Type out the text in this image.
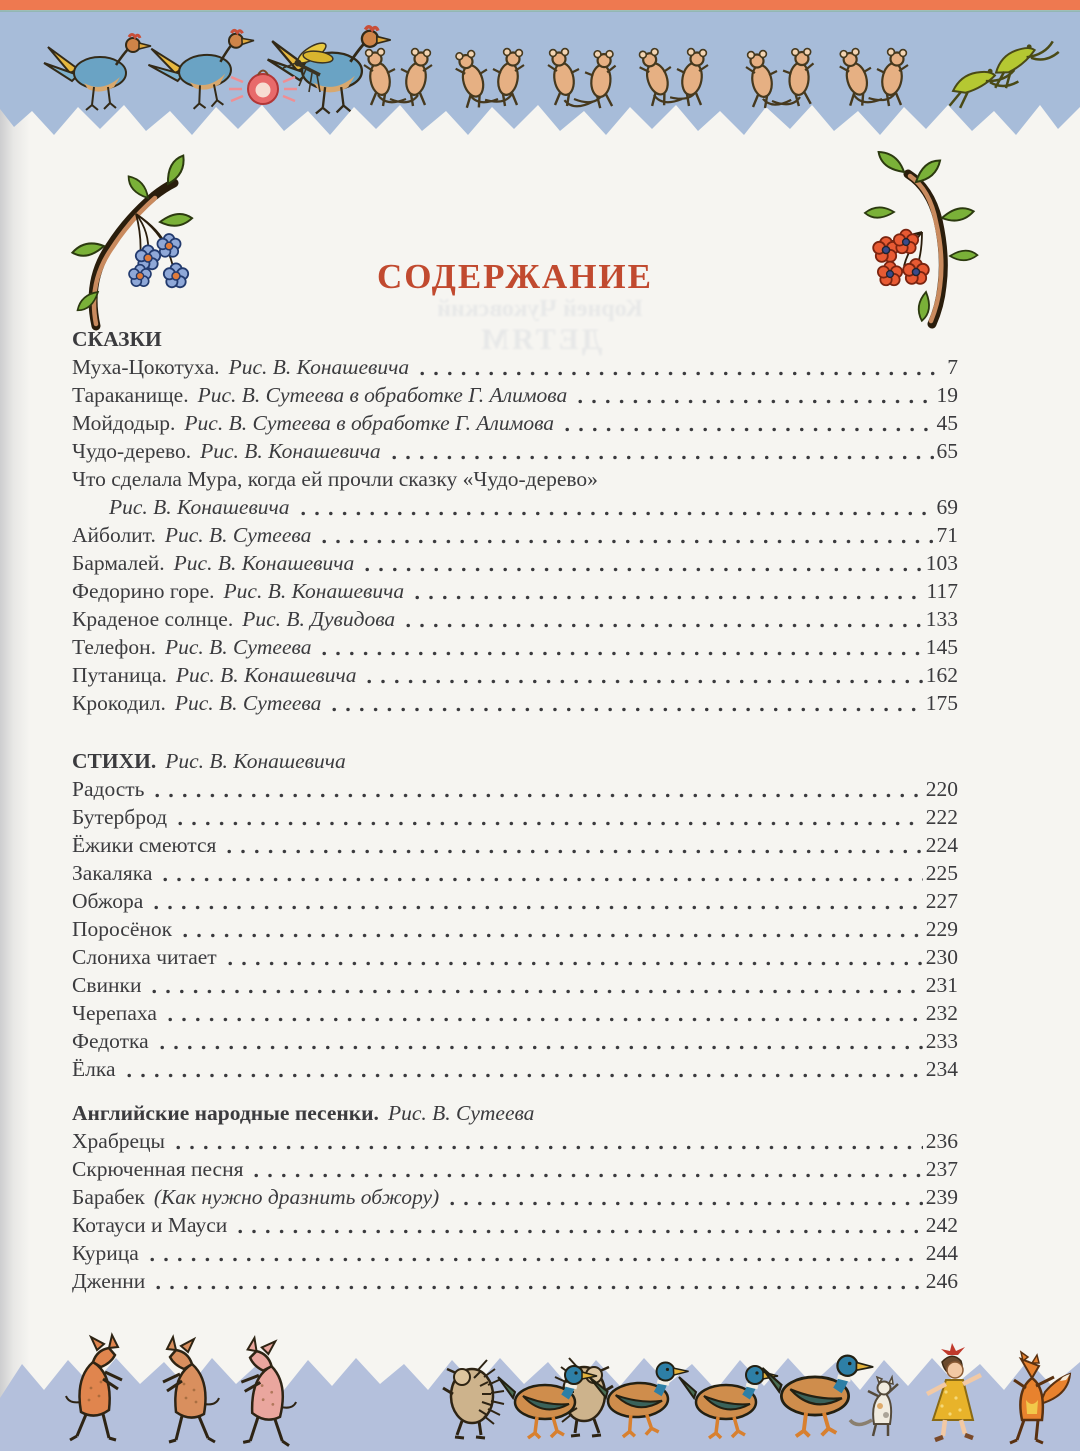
Корней Чуковский
ДЕТЯМ
СОДЕРЖАНИЕ
СКАЗКИ
Муха-Цокотуха. Рис. В. Конашевича	7
Тараканище. Рис. В. Сутеева в обработке Г. Алимова	19
Мойдодыр. Рис. В. Сутеева в обработке Г. Алимова	45
Чудо-дерево. Рис. В. Конашевича	65
Что сделала Мура, когда ей прочли сказку «Чудо-дерево»
Рис. В. Конашевича	69
Айболит. Рис. В. Сутеева	71
Бармалей. Рис. В. Конашевича	103
Федорино горе. Рис. В. Конашевича	117
Краденое солнце. Рис. В. Дувидова	133
Телефон. Рис. В. Сутеева	145
Путаница. Рис. В. Конашевича	162
Крокодил. Рис. В. Сутеева	175
СТИХИ. Рис. В. Конашевича
Радость	220
Бутерброд	222
Ёжики смеются	224
Закаляка	225
Обжора	227
Поросёнок	229
Слониха читает	230
Свинки	231
Черепаха	232
Федотка	233
Ёлка	234
Английские народные песенки. Рис. В. Сутеева
Храбрецы	236
Скрюченная песня	237
Барабек (Как нужно дразнить обжору)	239
Котауси и Мауси	242
Курица	244
Дженни	246
